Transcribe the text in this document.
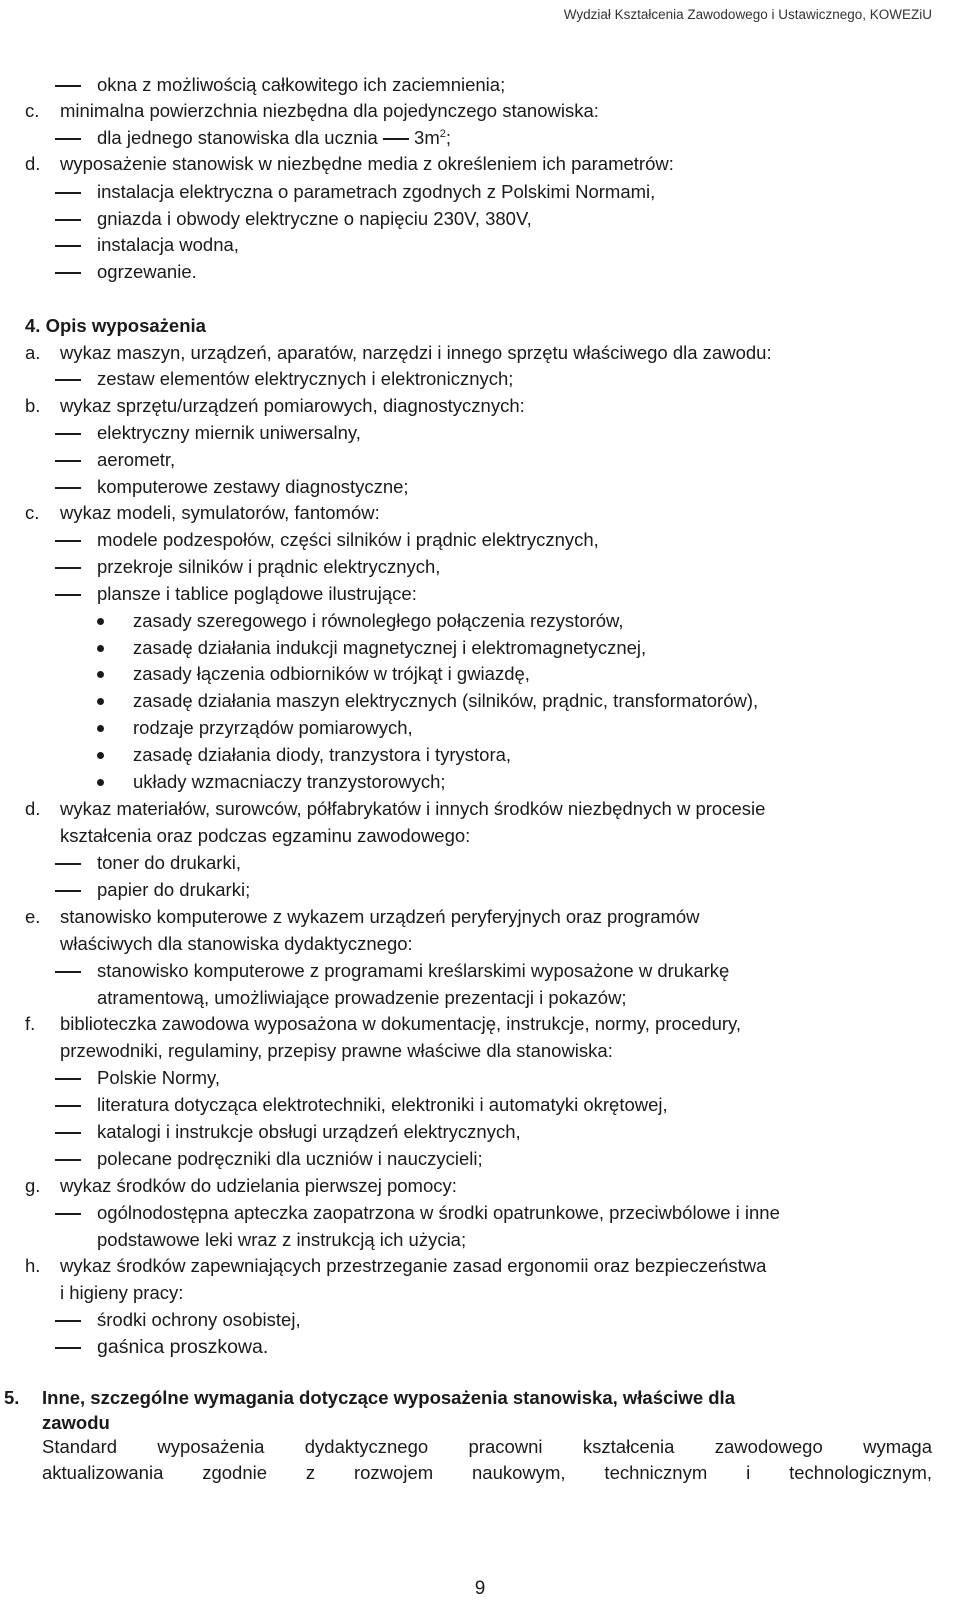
Wydział Kształcenia Zawodowego i Ustawicznego, KOWEZiU
okna z możliwością całkowitego ich zaciemnienia;
c. minimalna powierzchnia niezbędna dla pojedynczego stanowiska:
dla jednego stanowiska dla ucznia  $3m^2$;
d. wyposażenie stanowisk w niezbędne media z określeniem ich parametrów:
instalacja elektryczna o parametrach zgodnych z Polskimi Normami,
gniazda i obwody elektryczne o napięciu 230V, 380V,
instalacja wodna,
ogrzewanie.
4. Opis wyposażenia
a. wykaz maszyn, urządzeń, aparatów, narzędzi i innego sprzętu właściwego dla zawodu:
zestaw elementów elektrycznych i elektronicznych;
b. wykaz sprzętu/urządzeń pomiarowych, diagnostycznych:
elektryczny miernik uniwersalny,
aerometr,
komputerowe zestawy diagnostyczne;
c. wykaz modeli, symulatorów, fantomów:
modele podzespołów, części silników i prądnic elektrycznych,
przekroje silników i prądnic elektrycznych,
plansze i tablice poglądowe ilustrujące:
zasady szeregowego i równoległego połączenia rezystorów,
zasadę działania indukcji magnetycznej i elektromagnetycznej,
zasady łączenia odbiorników w trójkąt i gwiazdę,
zasadę działania maszyn elektrycznych (silników, prądnic, transformatorów),
rodzaje przyrządów pomiarowych,
zasadę działania diody, tranzystora i tyrystora,
układy wzmacniaczy tranzystorowych;
d. wykaz materiałów, surowców, półfabrykatów i innych środków niezbędnych w procesie
kształcenia oraz podczas egzaminu zawodowego:
toner do drukarki,
papier do drukarki;
e. stanowisko komputerowe z wykazem urządzeń peryferyjnych oraz programów
właściwych dla stanowiska dydaktycznego:
stanowisko komputerowe z programami kreślarskimi wyposażone w drukarkę
atramentową, umożliwiające prowadzenie prezentacji i pokazów;
f. biblioteczka zawodowa wyposażona w dokumentację, instrukcje, normy, procedury,
przewodniki, regulaminy, przepisy prawne właściwe dla stanowiska:
Polskie Normy,
literatura dotycząca elektrotechniki, elektroniki i automatyki okrętowej,
katalogi i instrukcje obsługi urządzeń elektrycznych,
polecane podręczniki dla uczniów i nauczycieli;
g. wykaz środków do udzielania pierwszej pomocy:
ogólnodostępna apteczka zaopatrzona w środki opatrunkowe, przeciwbólowe i inne
podstawowe leki wraz z instrukcją ich użycia;
h. wykaz środków zapewniających przestrzeganie zasad ergonomii oraz bezpieczeństwa
i higieny pracy:
środki ochrony osobistej,
gaśnica proszkowa.
5. Inne, szczególne wymagania dotyczące wyposażenia stanowiska, właściwe dla
zawodu
Standard wyposażenia dydaktycznego pracowni kształcenia zawodowego wymaga
aktualizowania zgodnie z rozwojem naukowym, technicznym i technologicznym,
9
